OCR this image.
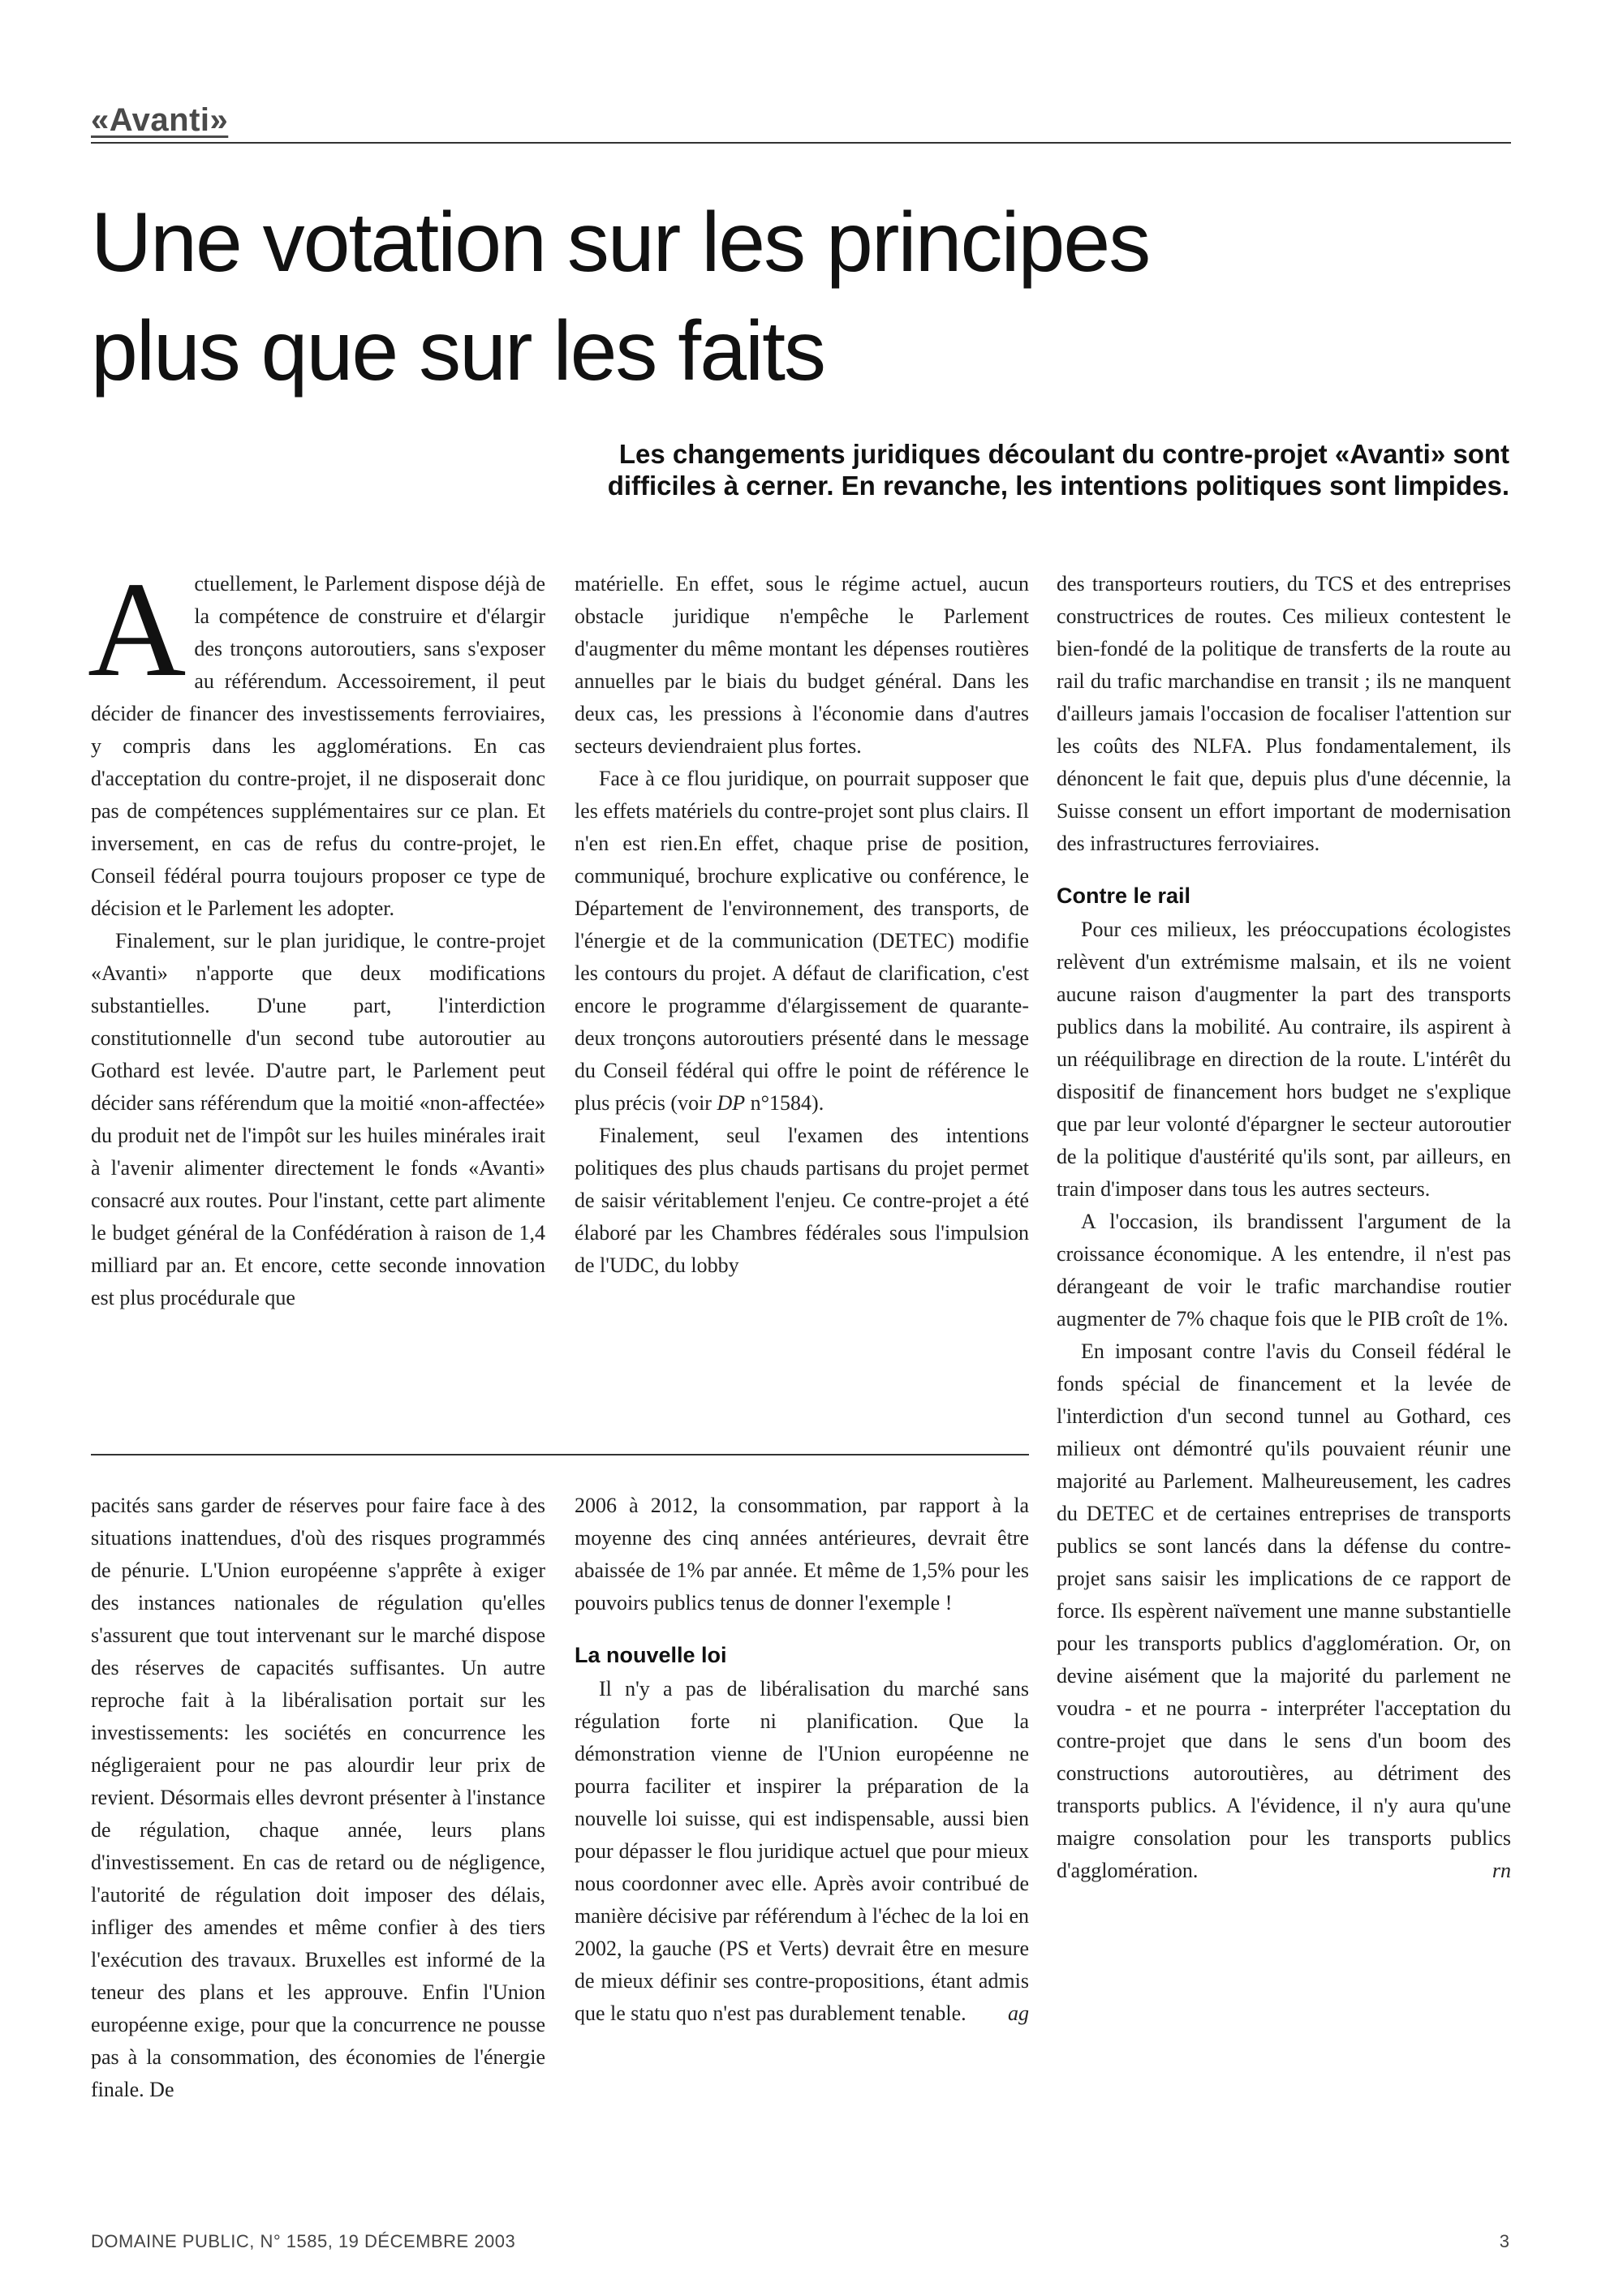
«Avanti»
Une votation sur les principes
plus que sur les faits
Les changements juridiques découlant du contre-projet «Avanti» sont
difficiles à cerner. En revanche, les intentions politiques sont limpides.

Actuellement, le Parlement dispose déjà de la compétence de construire et d'élargir des tronçons autoroutiers, sans s'exposer au référendum. Accessoirement, il peut décider de financer des investissements ferroviaires, y compris dans les agglomérations. En cas d'acceptation du contre-projet, il ne disposerait donc pas de compétences supplémentaires sur ce plan. Et inversement, en cas de refus du contre-projet, le Conseil fédéral pourra toujours proposer ce type de décision et le Parlement les adopter.

Finalement, sur le plan juridique, le contre-projet «Avanti» n'apporte que deux modifications substantielles. D'une part, l'interdiction constitutionnelle d'un second tube autoroutier au Gothard est levée. D'autre part, le Parlement peut décider sans référendum que la moitié «non-affectée» du produit net de l'impôt sur les huiles minérales irait à l'avenir alimenter directement le fonds «Avanti» consacré aux routes. Pour l'instant, cette part alimente le budget général de la Confédération à raison de 1,4 milliard par an. Et encore, cette seconde innovation est plus procédurale que

matérielle. En effet, sous le régime actuel, aucun obstacle juridique n'empêche le Parlement d'augmenter du même montant les dépenses routières annuelles par le biais du budget général. Dans les deux cas, les pressions à l'économie dans d'autres secteurs deviendraient plus fortes.

Face à ce flou juridique, on pourrait supposer que les effets matériels du contre-projet sont plus clairs. Il n'en est rien.En effet, chaque prise de position, communiqué, brochure explicative ou conférence, le Département de l'environnement, des transports, de l'énergie et de la communication (DETEC) modifie les contours du projet. A défaut de clarification, c'est encore le programme d'élargissement de quarante-deux tronçons autoroutiers présenté dans le message du Conseil fédéral qui offre le point de référence le plus précis (voir DP n°1584).

Finalement, seul l'examen des intentions politiques des plus chauds partisans du projet permet de saisir véritablement l'enjeu. Ce contre-projet a été élaboré par les Chambres fédérales sous l'impulsion de l'UDC, du lobby

des transporteurs routiers, du TCS et des entreprises constructrices de routes. Ces milieux contestent le bien-fondé de la politique de transferts de la route au rail du trafic marchandise en transit ; ils ne manquent d'ailleurs jamais l'occasion de focaliser l'attention sur les coûts des NLFA. Plus fondamentalement, ils dénoncent le fait que, depuis plus d'une décennie, la Suisse consent un effort important de modernisation des infrastructures ferroviaires.

Contre le rail

Pour ces milieux, les préoccupations écologistes relèvent d'un extrémisme malsain, et ils ne voient aucune raison d'augmenter la part des transports publics dans la mobilité. Au contraire, ils aspirent à un rééquilibrage en direction de la route. L'intérêt du dispositif de financement hors budget ne s'explique que par leur volonté d'épargner le secteur autoroutier de la politique d'austérité qu'ils sont, par ailleurs, en train d'imposer dans tous les autres secteurs.

A l'occasion, ils brandissent l'argument de la croissance économique. A les entendre, il n'est pas dérangeant de voir le trafic marchandise routier augmenter de 7% chaque fois que le PIB croît de 1%.

En imposant contre l'avis du Conseil fédéral le fonds spécial de financement et la levée de l'interdiction d'un second tunnel au Gothard, ces milieux ont démontré qu'ils pouvaient réunir une majorité au Parlement. Malheureusement, les cadres du DETEC et de certaines entreprises de transports publics se sont lancés dans la défense du contre-projet sans saisir les implications de ce rapport de force. Ils espèrent naïvement une manne substantielle pour les transports publics d'agglomération. Or, on devine aisément que la majorité du parlement ne voudra - et ne pourra - interpréter l'acceptation du contre-projet que dans le sens d'un boom des constructions autoroutières, au détriment des transports publics. A l'évidence, il n'y aura qu'une maigre consolation pour les transports publics d'agglomération.	rn

pacités sans garder de réserves pour faire face à des situations inattendues, d'où des risques programmés de pénurie. L'Union européenne s'apprête à exiger des instances nationales de régulation qu'elles s'assurent que tout intervenant sur le marché dispose des réserves de capacités suffisantes. Un autre reproche fait à la libéralisation portait sur les investissements: les sociétés en concurrence les négligeraient pour ne pas alourdir leur prix de revient. Désormais elles devront présenter à l'instance de régulation, chaque année, leurs plans d'investissement. En cas de retard ou de négligence, l'autorité de régulation doit imposer des délais, infliger des amendes et même confier à des tiers l'exécution des travaux. Bruxelles est informé de la teneur des plans et les approuve. Enfin l'Union européenne exige, pour que la concurrence ne pousse pas à la consommation, des économies de l'énergie finale. De

2006 à 2012, la consommation, par rapport à la moyenne des cinq années antérieures, devrait être abaissée de 1% par année. Et même de 1,5% pour les pouvoirs publics tenus de donner l'exemple !

La nouvelle loi

Il n'y a pas de libéralisation du marché sans régulation forte ni planification. Que la démonstration vienne de l'Union européenne ne pourra faciliter et inspirer la préparation de la nouvelle loi suisse, qui est indispensable, aussi bien pour dépasser le flou juridique actuel que pour mieux nous coordonner avec elle. Après avoir contribué de manière décisive par référendum à l'échec de la loi en 2002, la gauche (PS et Verts) devrait être en mesure de mieux définir ses contre-propositions, étant admis que le statu quo n'est pas durablement tenable.	ag

DOMAINE PUBLIC, N° 1585, 19 DÉCEMBRE 2003	3
